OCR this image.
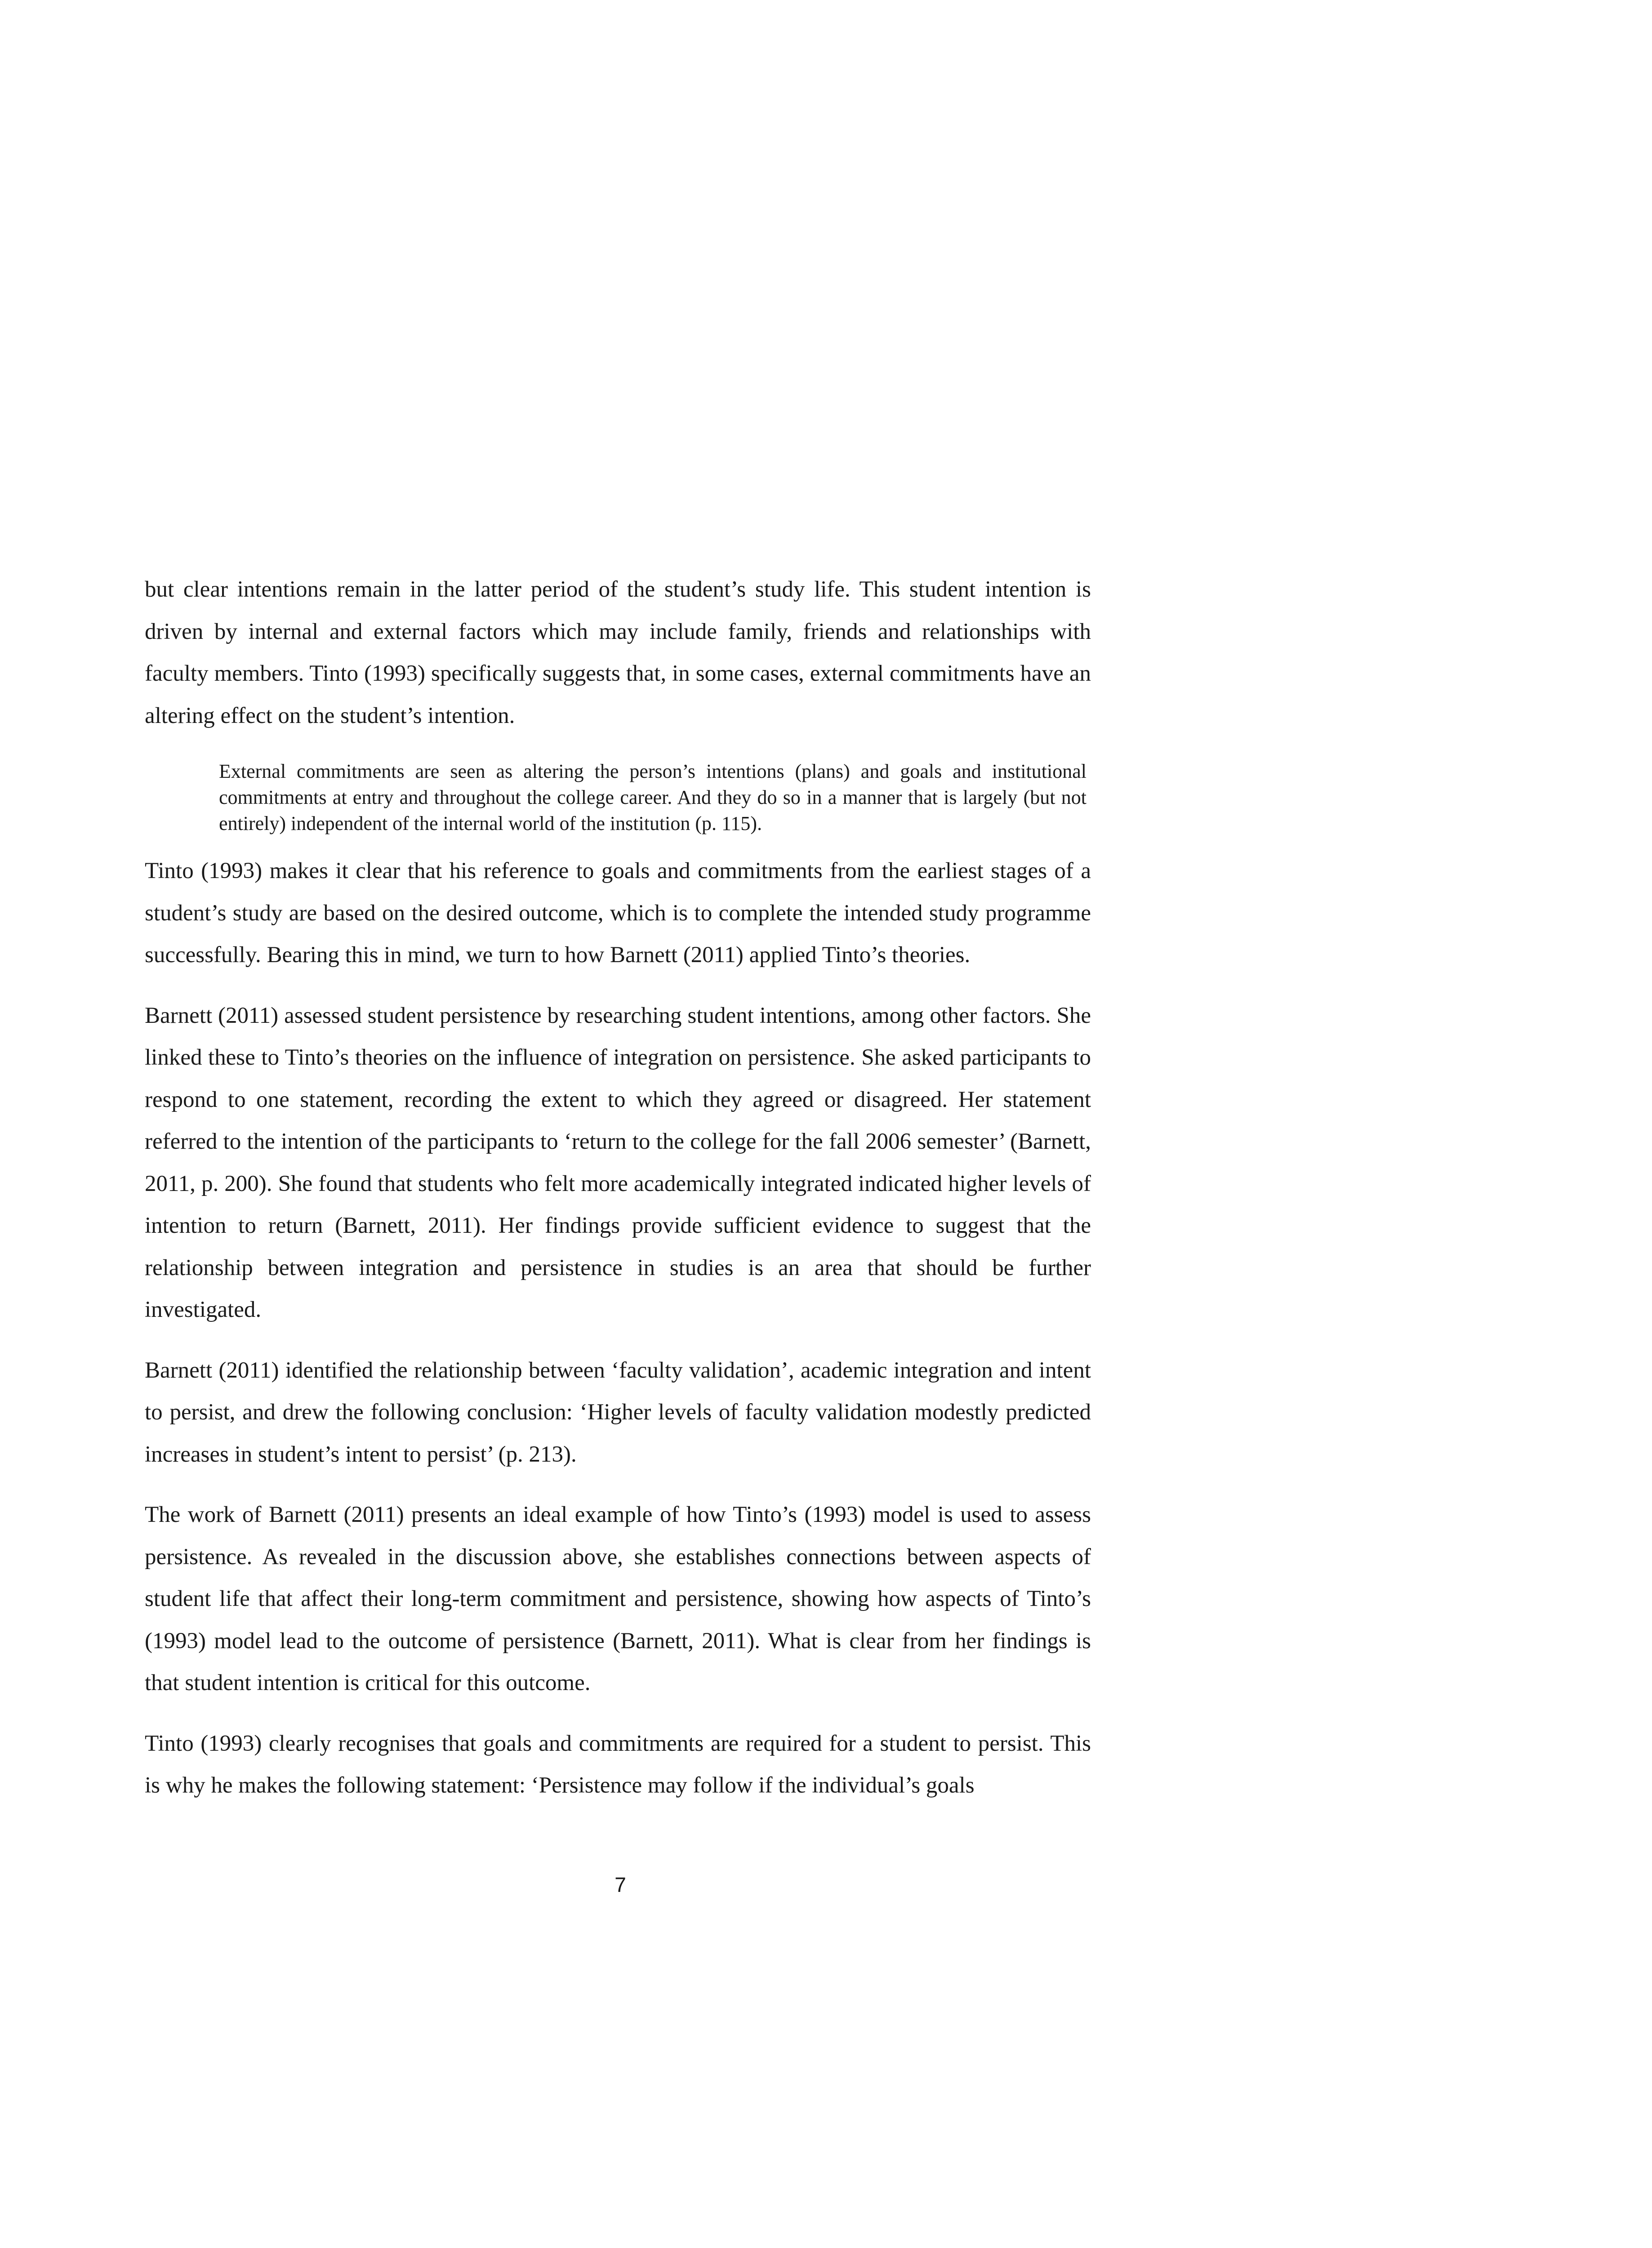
but clear intentions remain in the latter period of the student’s study life. This student intention is driven by internal and external factors which may include family, friends and relationships with faculty members. Tinto (1993) specifically suggests that, in some cases, external commitments have an altering effect on the student’s intention.

External commitments are seen as altering the person’s intentions (plans) and goals and institutional commitments at entry and throughout the college career. And they do so in a manner that is largely (but not entirely) independent of the internal world of the institution (p. 115).

Tinto (1993) makes it clear that his reference to goals and commitments from the earliest stages of a student’s study are based on the desired outcome, which is to complete the intended study programme successfully. Bearing this in mind, we turn to how Barnett (2011) applied Tinto’s theories.

Barnett (2011) assessed student persistence by researching student intentions, among other factors. She linked these to Tinto’s theories on the influence of integration on persistence. She asked participants to respond to one statement, recording the extent to which they agreed or disagreed. Her statement referred to the intention of the participants to ‘return to the college for the fall 2006 semester’ (Barnett, 2011, p. 200). She found that students who felt more academically integrated indicated higher levels of intention to return (Barnett, 2011). Her findings provide sufficient evidence to suggest that the relationship between integration and persistence in studies is an area that should be further investigated.

Barnett (2011) identified the relationship between ‘faculty validation’, academic integration and intent to persist, and drew the following conclusion: ‘Higher levels of faculty validation modestly predicted increases in student’s intent to persist’ (p. 213).

The work of Barnett (2011) presents an ideal example of how Tinto’s (1993) model is used to assess persistence. As revealed in the discussion above, she establishes connections between aspects of student life that affect their long-term commitment and persistence, showing how aspects of Tinto’s (1993) model lead to the outcome of persistence (Barnett, 2011). What is clear from her findings is that student intention is critical for this outcome.

Tinto (1993) clearly recognises that goals and commitments are required for a student to persist. This is why he makes the following statement: ‘Persistence may follow if the individual’s goals

7
